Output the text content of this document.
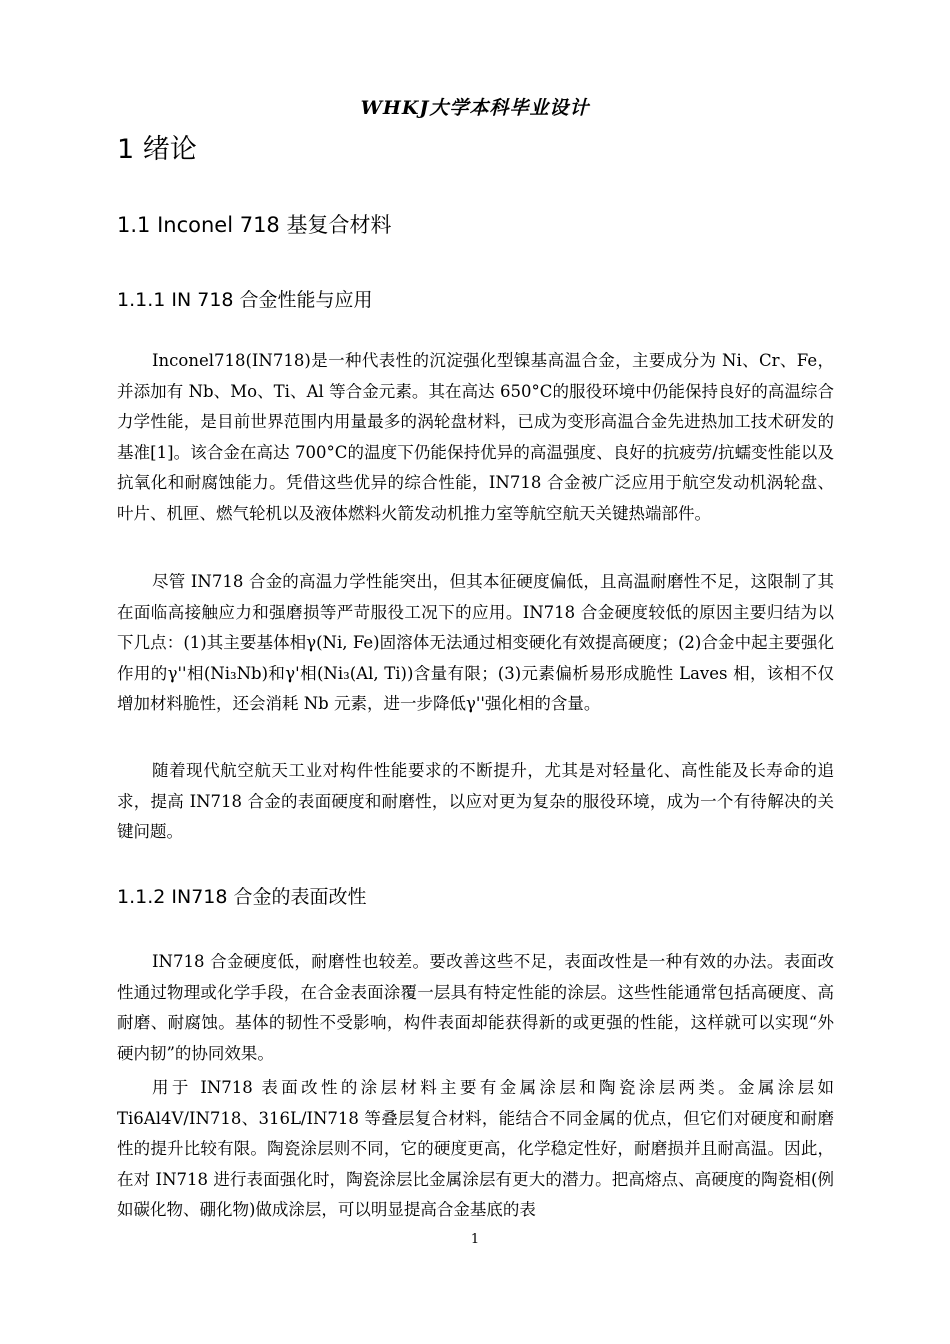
WHKJ大学本科毕业设计
1 绪论
1.1 Inconel 718 基复合材料
1.1.1 IN 718 合金性能与应用

Inconel718(IN718)是一种代表性的沉淀强化型镍基高温合金，主要成分为 Ni、Cr、Fe，并添加有 Nb、Mo、Ti、Al 等合金元素。其在高达 650°C的服役环境中仍能保持良好的高温综合力学性能，是目前世界范围内用量最多的涡轮盘材料，已成为变形高温合金先进热加工技术研发的基准[1]。该合金在高达 700°C的温度下仍能保持优异的高温强度、良好的抗疲劳/抗蠕变性能以及抗氧化和耐腐蚀能力。凭借这些优异的综合性能，IN718 合金被广泛应用于航空发动机涡轮盘、叶片、机匣、燃气轮机以及液体燃料火箭发动机推力室等航空航天关键热端部件。

尽管 IN718 合金的高温力学性能突出，但其本征硬度偏低，且高温耐磨性不足，这限制了其在面临高接触应力和强磨损等严苛服役工况下的应用。IN718 合金硬度较低的原因主要归结为以下几点：(1)其主要基体相γ(Ni, Fe)固溶体无法通过相变硬化有效提高硬度；(2)合金中起主要强化作用的γ''相(Ni₃Nb)和γ'相(Ni₃(Al, Ti))含量有限；(3)元素偏析易形成脆性 Laves 相，该相不仅增加材料脆性，还会消耗 Nb 元素，进一步降低γ''强化相的含量。

随着现代航空航天工业对构件性能要求的不断提升，尤其是对轻量化、高性能及长寿命的追求，提高 IN718 合金的表面硬度和耐磨性，以应对更为复杂的服役环境，成为一个有待解决的关键问题。

1.1.2 IN718 合金的表面改性

IN718 合金硬度低，耐磨性也较差。要改善这些不足，表面改性是一种有效的办法。表面改性通过物理或化学手段，在合金表面涂覆一层具有特定性能的涂层。这些性能通常包括高硬度、高耐磨、耐腐蚀。基体的韧性不受影响，构件表面却能获得新的或更强的性能，这样就可以实现“外硬内韧”的协同效果。

用于 IN718 表面改性的涂层材料主要有金属涂层和陶瓷涂层两类。金属涂层如 Ti6Al4V/IN718、316L/IN718 等叠层复合材料，能结合不同金属的优点，但它们对硬度和耐磨性的提升比较有限。陶瓷涂层则不同，它的硬度更高，化学稳定性好，耐磨损并且耐高温。因此，在对 IN718 进行表面强化时，陶瓷涂层比金属涂层有更大的潜力。把高熔点、高硬度的陶瓷相(例如碳化物、硼化物)做成涂层，可以明显提高合金基底的表

1
